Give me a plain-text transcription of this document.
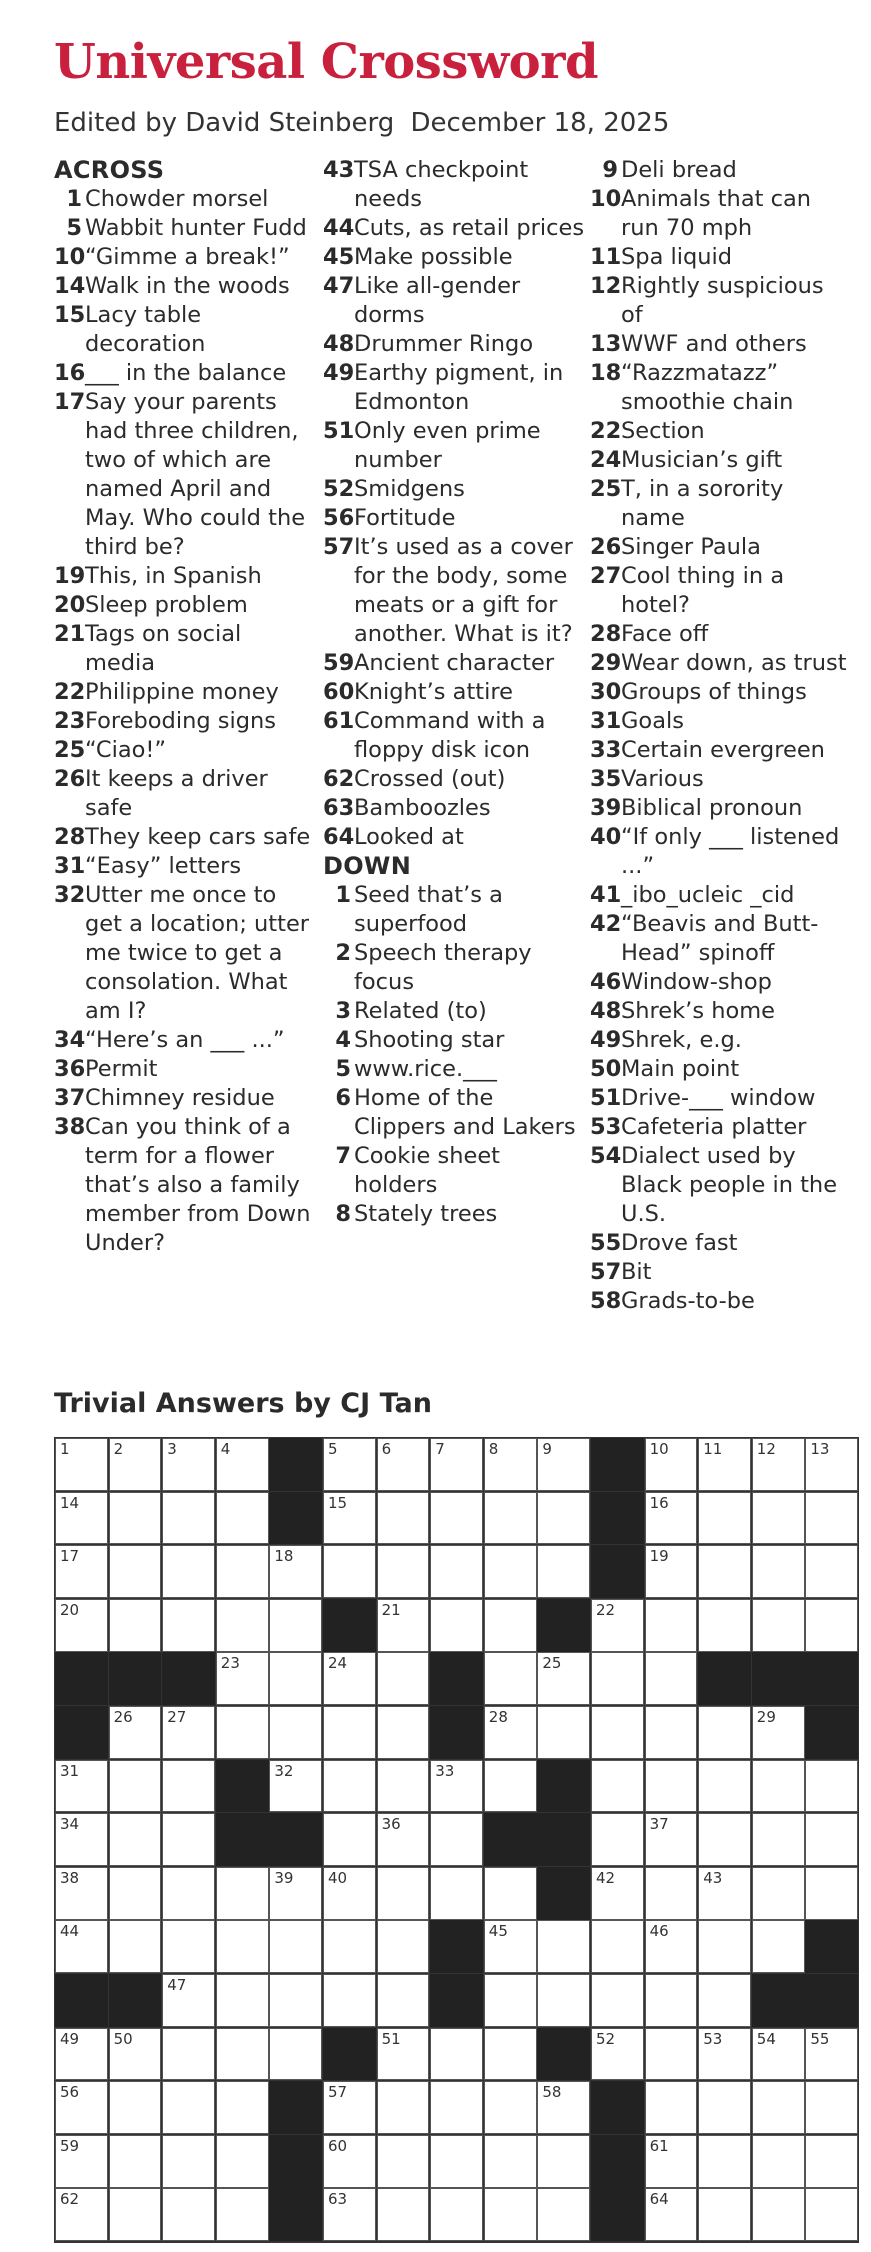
Universal Crossword
Edited by David Steinberg December 18, 2025
ACROSS
1 Chowder morsel
5 Wabbit hunter Fudd
10 “Gimme a break!”
14 Walk in the woods
15 Lacy table decoration
16 ___ in the balance
17 Say your parents had three children, two of which are named April and May. Who could the third be?
19 This, in Spanish
20 Sleep problem
21 Tags on social media
22 Philippine money
23 Foreboding signs
25 “Ciao!”
26 It keeps a driver safe
28 They keep cars safe
31 “Easy” letters
32 Utter me once to get a location; utter me twice to get a consolation. What am I?
34 “Here’s an ___ ...”
36 Permit
37 Chimney residue
38 Can you think of a term for a flower that’s also a family member from Down Under?
43 TSA checkpoint needs
44 Cuts, as retail prices
45 Make possible
47 Like all-gender dorms
48 Drummer Ringo
49 Earthy pigment, in Edmonton
51 Only even prime number
52 Smidgens
56 Fortitude
57 It’s used as a cover for the body, some meats or a gift for another. What is it?
59 Ancient character
60 Knight’s attire
61 Command with a floppy disk icon
62 Crossed (out)
63 Bamboozles
64 Looked at
DOWN
1 Seed that’s a superfood
2 Speech therapy focus
3 Related (to)
4 Shooting star
5 www.rice.___
6 Home of the Clippers and Lakers
7 Cookie sheet holders
8 Stately trees
9 Deli bread
10 Animals that can run 70 mph
11 Spa liquid
12 Rightly suspicious of
13 WWF and others
18 “Razzmatazz” smoothie chain
22 Section
24 Musician’s gift
25 T, in a sorority name
26 Singer Paula
27 Cool thing in a hotel?
28 Face off
29 Wear down, as trust
30 Groups of things
31 Goals
33 Certain evergreen
35 Various
39 Biblical pronoun
40 “If only ___ listened ...”
41 _ibo_ucleic _cid
42 “Beavis and Butt-Head” spinoff
46 Window-shop
48 Shrek’s home
49 Shrek, e.g.
50 Main point
51 Drive-___ window
53 Cafeteria platter
54 Dialect used by Black people in the U.S.
55 Drove fast
57 Bit
58 Grads-to-be
Trivial Answers by CJ Tan
1	2	3	4	5	6	7	8	9	10 11 12 13
14	15	16
17	18	19
20	21	22
23	24	25
26 27	28	29
31	32	33
34	36	37
38	39 40	42	43
44	45	46
47
49 50	51	52	53 54 55
56	57	58
59	60	61
62	63	64
